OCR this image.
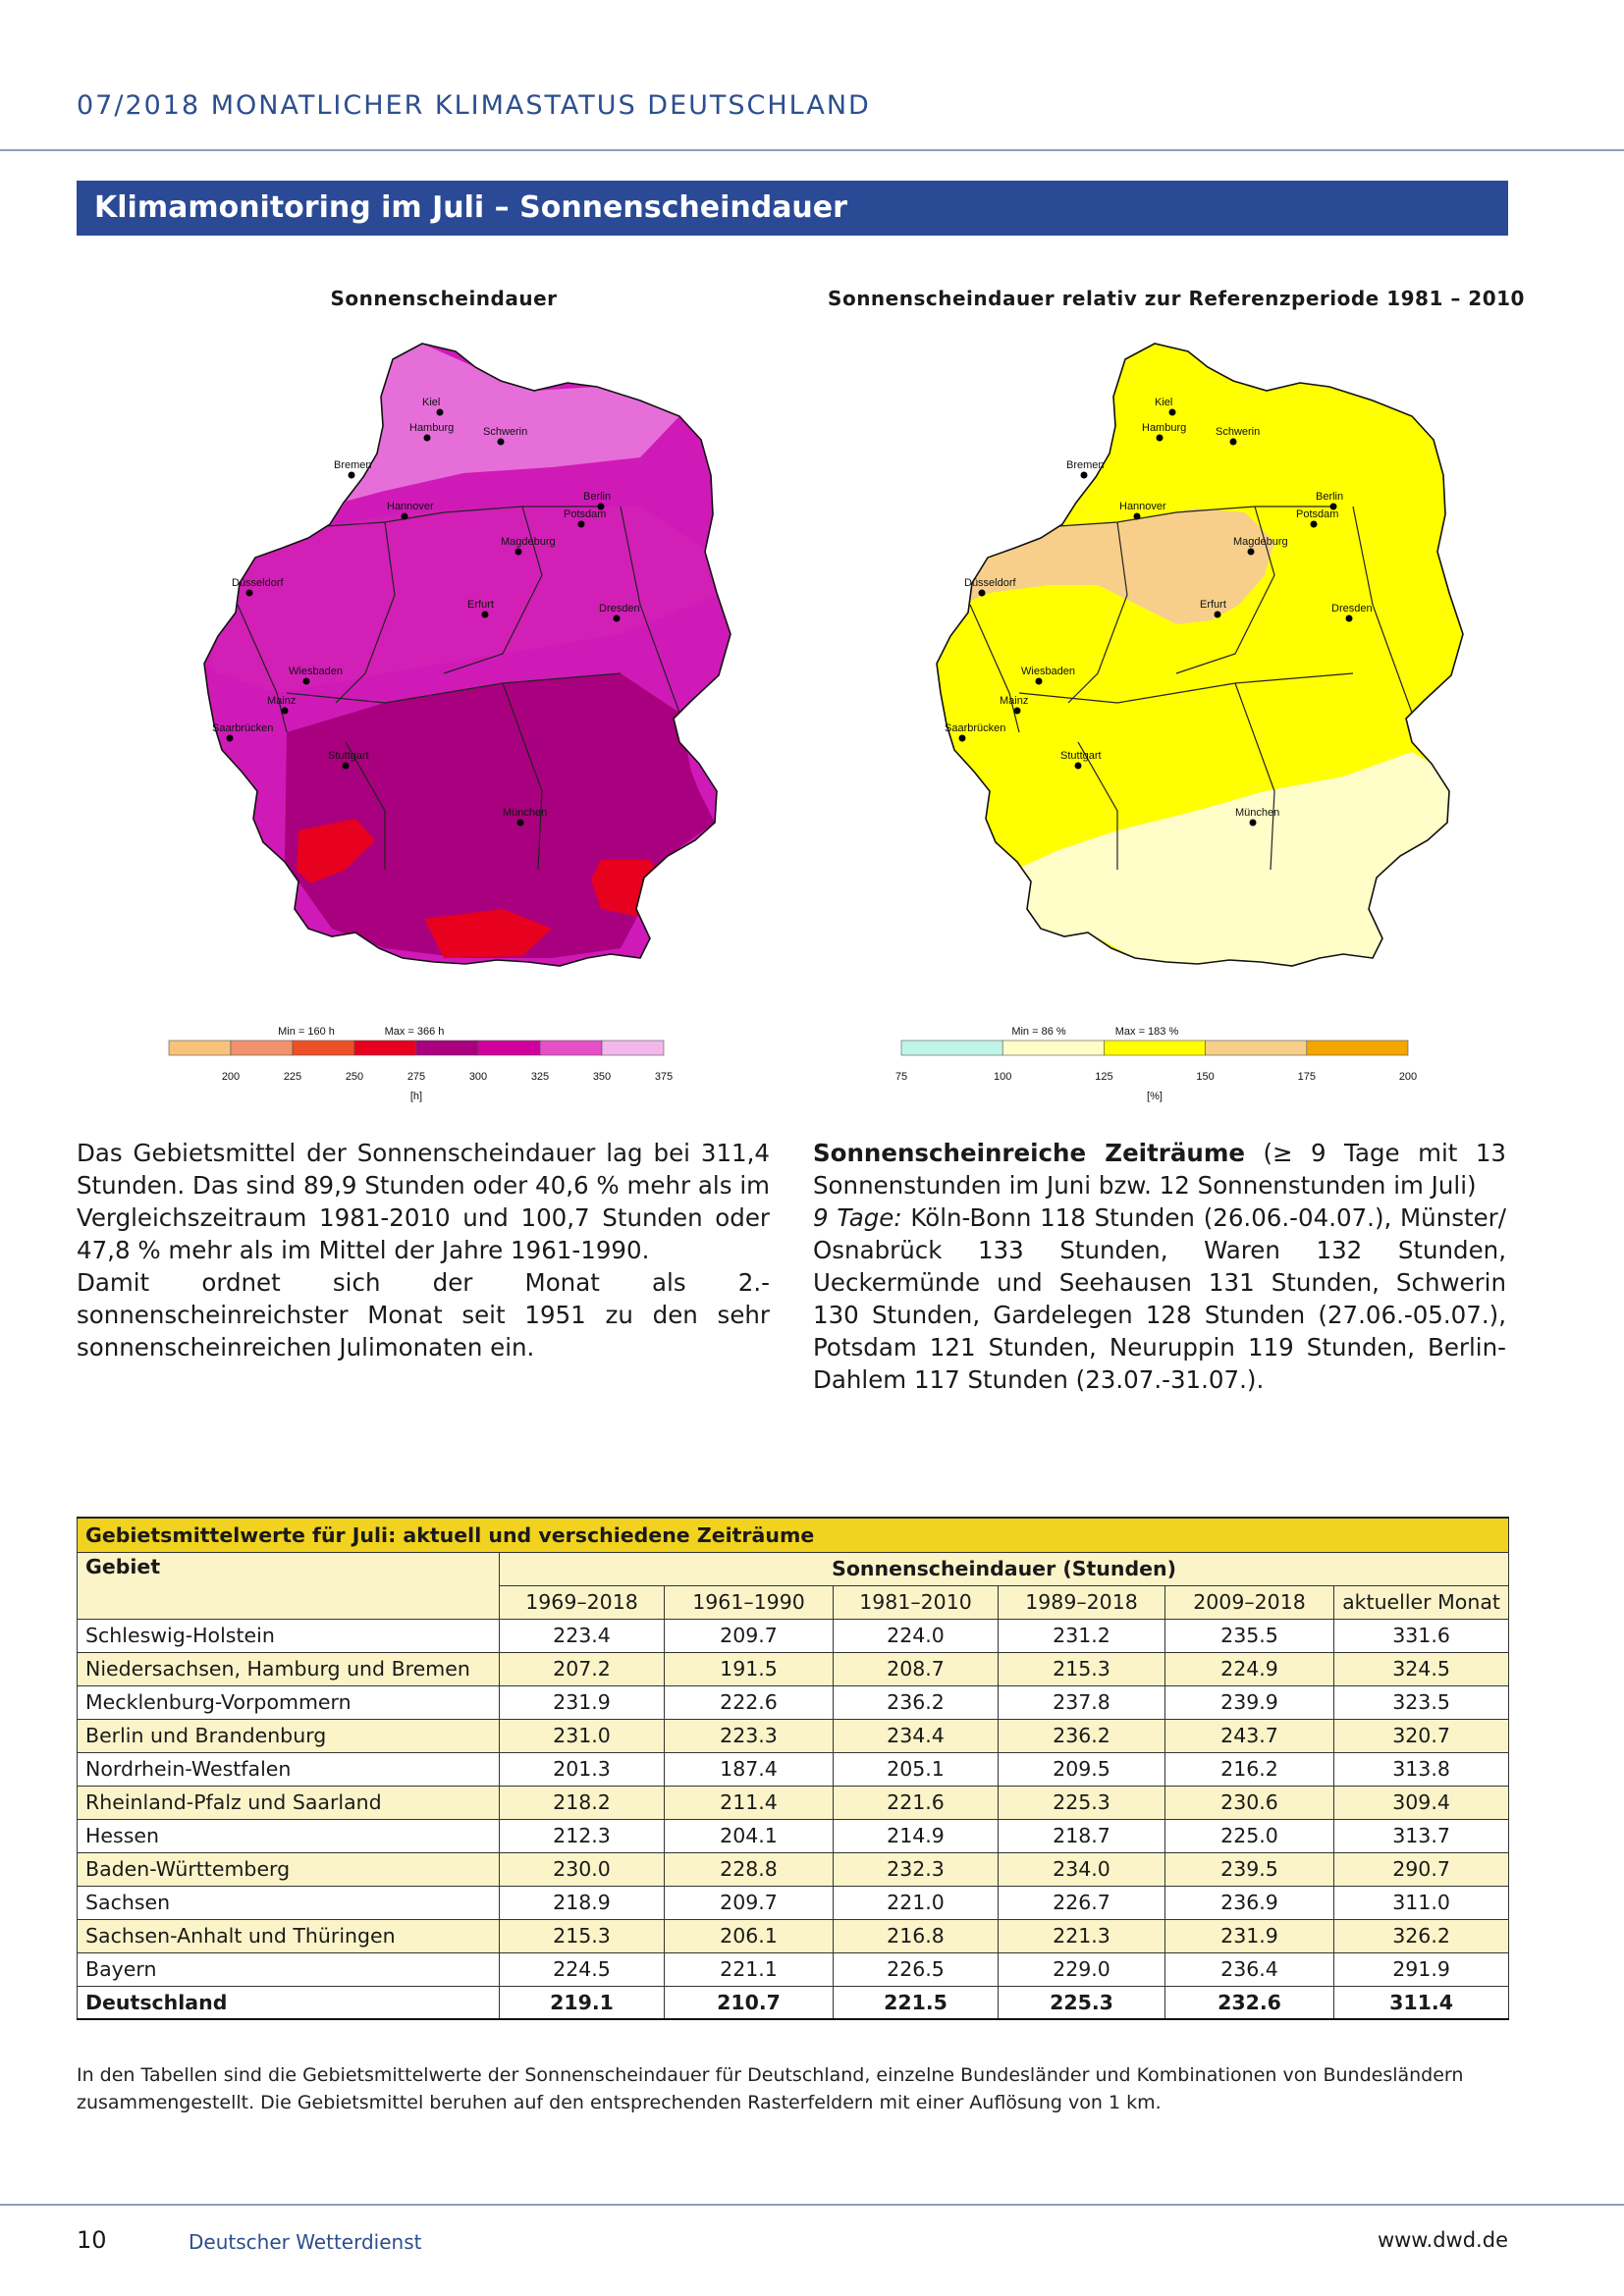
07/2018 MONATLICHER KLIMASTATUS DEUTSCHLAND
Klimamonitoring im Juli – Sonnenscheindauer
Sonnenscheindauer
Kiel
Hamburg	Schwerin
Bremen
Hannover
Berlin
Potsdam
Magdeburg
Düsseldorf
Erfurt	Dresden
Wiesbaden
Mainz
Saarbrücken
Stuttgart
München
Min = 160 h	Max = 366 h
200	225	250	275	300	325	350	375
[h]
Sonnenscheindauer relativ zur Referenzperiode 1981 – 2010
Kiel
Hamburg	Schwerin
Bremen
Hannover
Berlin
Potsdam
Magdeburg
Düsseldorf
Erfurt	Dresden
Wiesbaden
Mainz
Saarbrücken
Stuttgart
München
Min = 86 %	Max = 183 %
75	100	125	150	175	200
[%]

Das Gebietsmittel der Sonnenscheindauer lag bei 311,4 Stunden. Das sind 89,9 Stunden oder 40,6 % mehr als im Vergleichszeitraum 1981-2010 und 100,7 Stunden oder 47,8 % mehr als im Mittel der Jahre 1961-1990.

Damit ordnet sich der Monat als 2.-sonnenscheinreichster Monat seit 1951 zu den sehr sonnenscheinreichen Julimonaten ein.

Sonnenscheinreiche Zeiträume (≥ 9 Tage mit 13 Sonnenstunden im Juni bzw. 12 Sonnenstunden im Juli)

9 Tage: Köln-Bonn 118 Stunden (26.06.-04.07.), Münster/ Osnabrück 133 Stunden, Waren 132 Stunden, Ueckermünde und Seehausen 131 Stunden, Schwerin 130 Stunden, Gardelegen 128 Stunden (27.06.-05.07.), Potsdam 121 Stunden, Neuruppin 119 Stunden, Berlin-Dahlem 117 Stunden (23.07.-31.07.).

Gebietsmittelwerte für Juli: aktuell und verschiedene Zeiträume						
Gebiet	Sonnenscheindauer (Stunden)					
	1969–2018	1961–1990	1981–2010	1989–2018	2009–2018	aktueller Monat
Schleswig-Holstein	223.4	209.7	224.0	231.2	235.5	331.6
Niedersachsen, Hamburg und Bremen	207.2	191.5	208.7	215.3	224.9	324.5
Mecklenburg-Vorpommern	231.9	222.6	236.2	237.8	239.9	323.5
Berlin und Brandenburg	231.0	223.3	234.4	236.2	243.7	320.7
Nordrhein-Westfalen	201.3	187.4	205.1	209.5	216.2	313.8
Rheinland-Pfalz und Saarland	218.2	211.4	221.6	225.3	230.6	309.4
Hessen	212.3	204.1	214.9	218.7	225.0	313.7
Baden-Württemberg	230.0	228.8	232.3	234.0	239.5	290.7
Sachsen	218.9	209.7	221.0	226.7	236.9	311.0
Sachsen-Anhalt und Thüringen	215.3	206.1	216.8	221.3	231.9	326.2
Bayern	224.5	221.1	226.5	229.0	236.4	291.9
Deutschland	219.1	210.7	221.5	225.3	232.6	311.4
In den Tabellen sind die Gebietsmittelwerte der Sonnenscheindauer für Deutschland, einzelne Bundesländer und Kombinationen von Bundesländern zusammengestellt. Die Gebietsmittel beruhen auf den entsprechenden Rasterfeldern mit einer Auflösung von 1 km.
10	Deutscher Wetterdienst	www.dwd.de
